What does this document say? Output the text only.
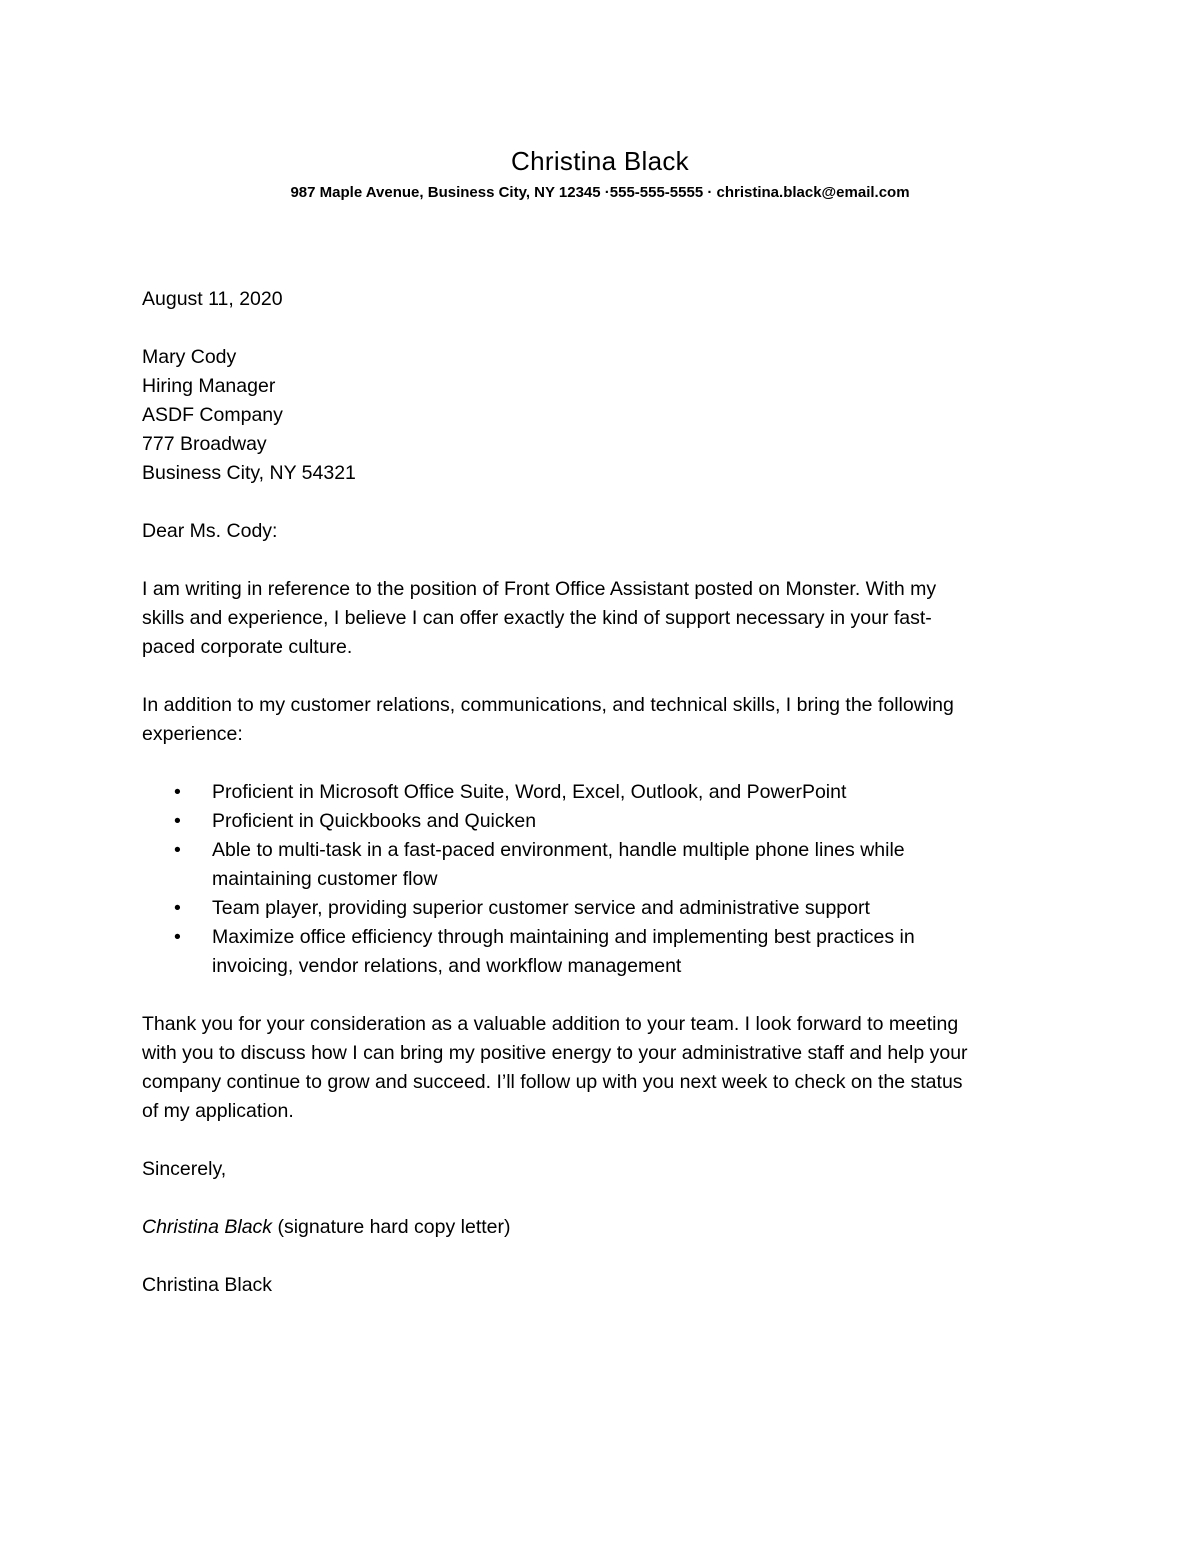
Christina Black
987 Maple Avenue, Business City, NY 12345 ·555-555-5555 · christina.black@email.com
August 11, 2020
Mary Cody
Hiring Manager
ASDF Company
777 Broadway
Business City, NY 54321
Dear Ms. Cody:
I am writing in reference to the position of Front Office Assistant posted on Monster. With my
skills and experience, I believe I can offer exactly the kind of support necessary in your fast-
paced corporate culture.
In addition to my customer relations, communications, and technical skills, I bring the following
experience:
• Proficient in Microsoft Office Suite, Word, Excel, Outlook, and PowerPoint
• Proficient in Quickbooks and Quicken
• Able to multi-task in a fast-paced environment, handle multiple phone lines while
maintaining customer flow
• Team player, providing superior customer service and administrative support
• Maximize office efficiency through maintaining and implementing best practices in
invoicing, vendor relations, and workflow management
Thank you for your consideration as a valuable addition to your team. I look forward to meeting
with you to discuss how I can bring my positive energy to your administrative staff and help your
company continue to grow and succeed. I’ll follow up with you next week to check on the status
of my application.
Sincerely,
Christina Black (signature hard copy letter)
Christina Black
